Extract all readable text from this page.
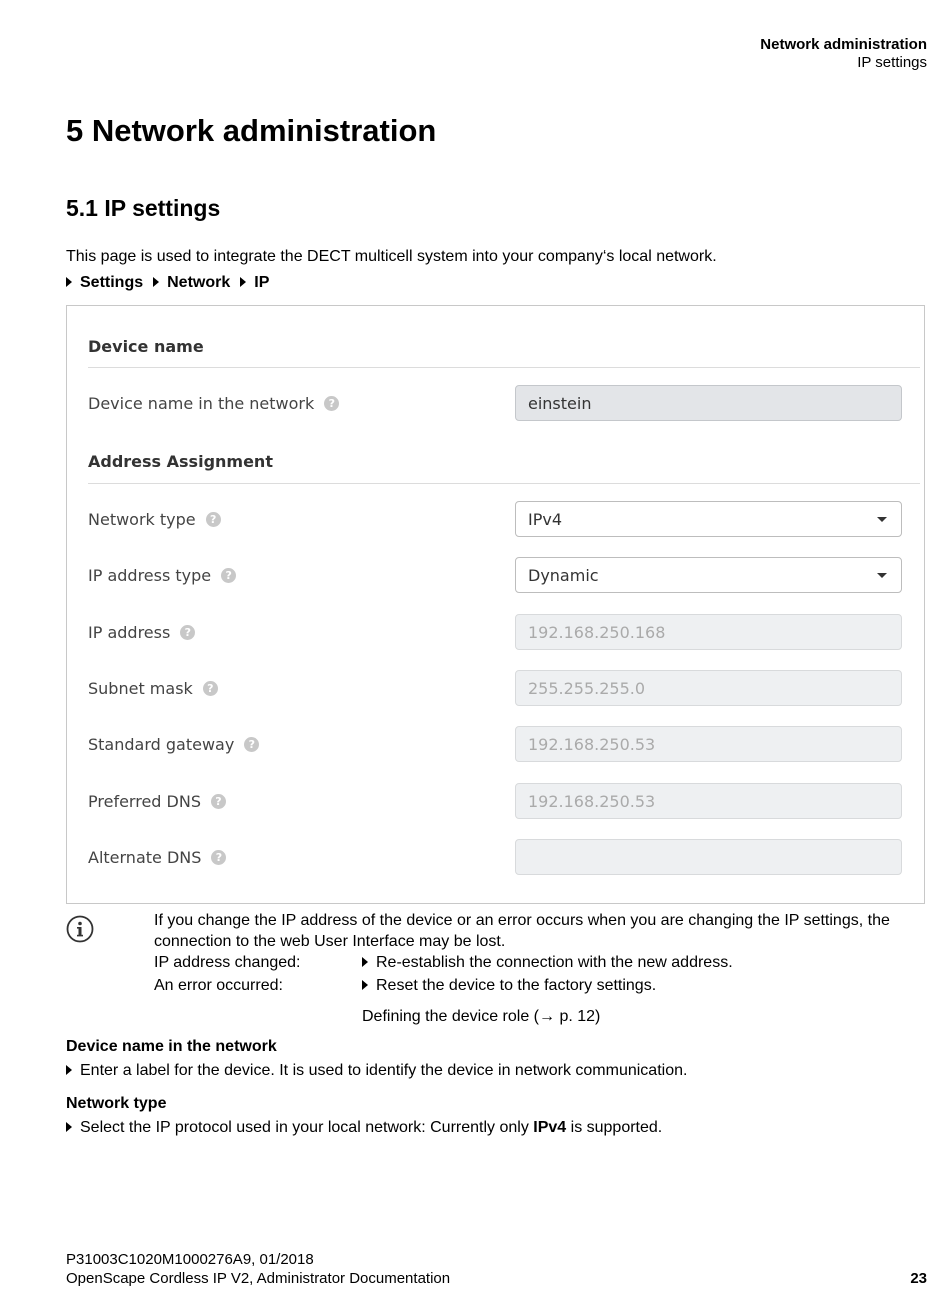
Network administration
IP settings
5 Network administration
5.1 IP settings
This page is used to integrate the DECT multicell system into your company‘s local network.
Settings Network IP
Device name
Device name in the network	?	einstein
Address Assignment
Network type	?	IPv4
IP address type	?	Dynamic
IP address	?	192.168.250.168
Subnet mask	?	255.255.255.0
Standard gateway	?	192.168.250.53
Preferred DNS	?	192.168.250.53
Alternate DNS	?
If you change the IP address of the device or an error occurs when you are changing the IP settings, the connection to the web User Interface may be lost.
IP address changed:	Re-establish the connection with the new address.
An error occurred:	Reset the device to the factory settings.
Defining the device role (→ p. 12)
Device name in the network
Enter a label for the device. It is used to identify the device in network communication.
Network type
Select the IP protocol used in your local network: Currently only IPv4 is supported.
P31003C1020M1000276A9, 01/2018
OpenScape Cordless IP V2, Administrator Documentation	23
